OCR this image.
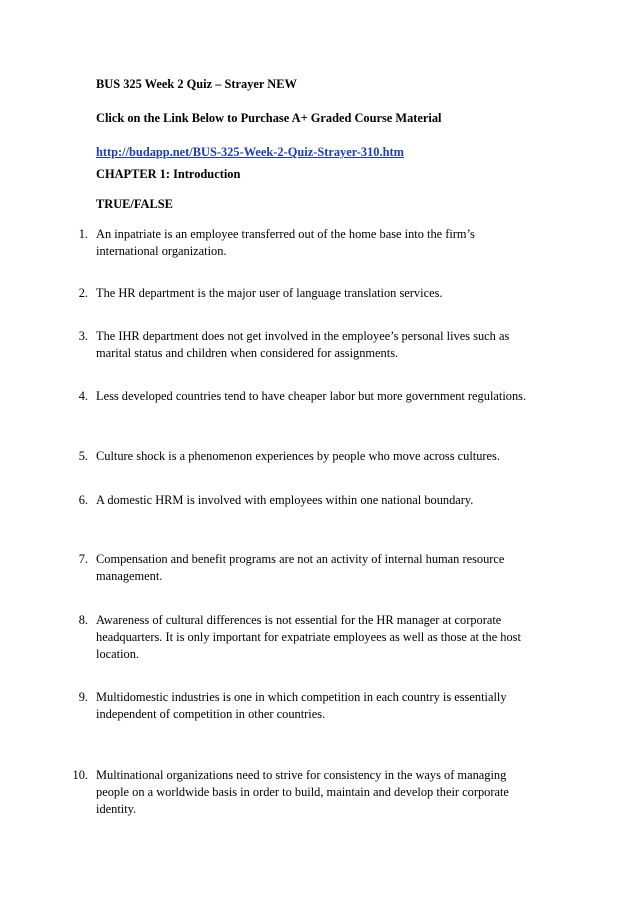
BUS 325 Week 2 Quiz – Strayer NEW
Click on the Link Below to Purchase A+ Graded Course Material
http://budapp.net/BUS-325-Week-2-Quiz-Strayer-310.htm
CHAPTER 1: Introduction
TRUE/FALSE
1. An inpatriate is an employee transferred out of the home base into the firm’s international organization.
2. The HR department is the major user of language translation services.
3. The IHR department does not get involved in the employee’s personal lives such as marital status and children when considered for assignments.
4. Less developed countries tend to have cheaper labor but more government regulations.
5. Culture shock is a phenomenon experiences by people who move across cultures.
6. A domestic HRM is involved with employees within one national boundary.
7. Compensation and benefit programs are not an activity of internal human resource management.
8. Awareness of cultural differences is not essential for the HR manager at corporate headquarters. It is only important for expatriate employees as well as those at the host location.
9. Multidomestic industries is one in which competition in each country is essentially independent of competition in other countries.
10. Multinational organizations need to strive for consistency in the ways of managing people on a worldwide basis in order to build, maintain and develop their corporate identity.
